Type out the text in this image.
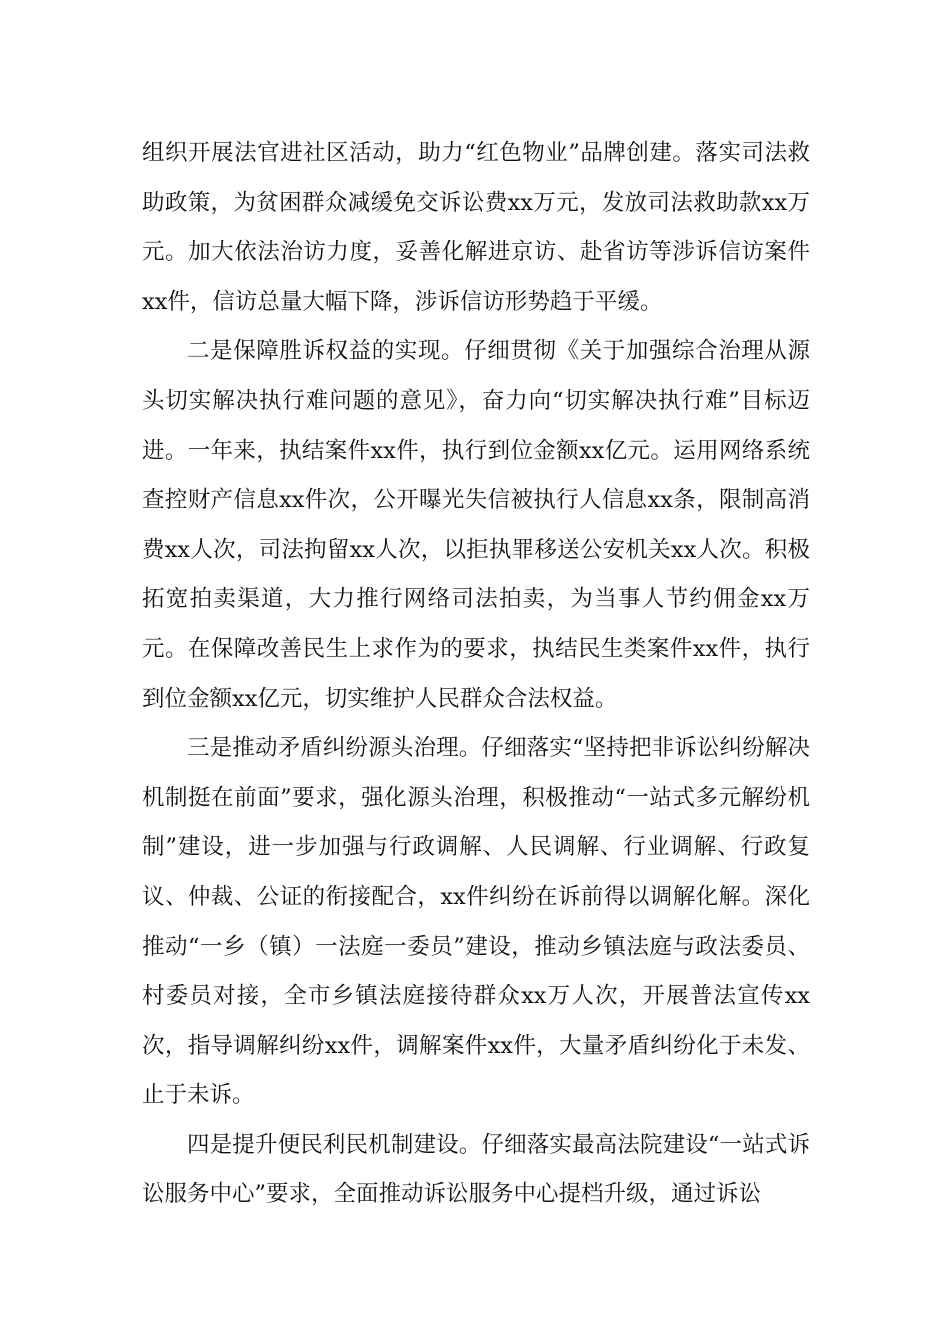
组织开展法官进社区活动，助力“红色物业”品牌创建。落实司法救助政策，为贫困群众减缓免交诉讼费xx万元，发放司法救助款xx万元。加大依法治访力度，妥善化解进京访、赴省访等涉诉信访案件xx件，信访总量大幅下降，涉诉信访形势趋于平缓。

二是保障胜诉权益的实现。仔细贯彻《关于加强综合治理从源头切实解决执行难问题的意见》，奋力向“切实解决执行难”目标迈进。一年来，执结案件xx件，执行到位金额xx亿元。运用网络系统查控财产信息xx件次，公开曝光失信被执行人信息xx条，限制高消费xx人次，司法拘留xx人次，以拒执罪移送公安机关xx人次。积极拓宽拍卖渠道，大力推行网络司法拍卖，为当事人节约佣金xx万元。在保障改善民生上求作为的要求，执结民生类案件xx件，执行到位金额xx亿元，切实维护人民群众合法权益。

三是推动矛盾纠纷源头治理。仔细落实“坚持把非诉讼纠纷解决机制挺在前面”要求，强化源头治理，积极推动“一站式多元解纷机制”建设，进一步加强与行政调解、人民调解、行业调解、行政复议、仲裁、公证的衔接配合，xx件纠纷在诉前得以调解化解。深化推动“一乡（镇）一法庭一委员”建设，推动乡镇法庭与政法委员、村委员对接，全市乡镇法庭接待群众xx万人次，开展普法宣传xx次，指导调解纠纷xx件，调解案件xx件，大量矛盾纠纷化于未发、止于未诉。

四是提升便民利民机制建设。仔细落实最高法院建设“一站式诉讼服务中心”要求，全面推动诉讼服务中心提档升级，通过诉讼
